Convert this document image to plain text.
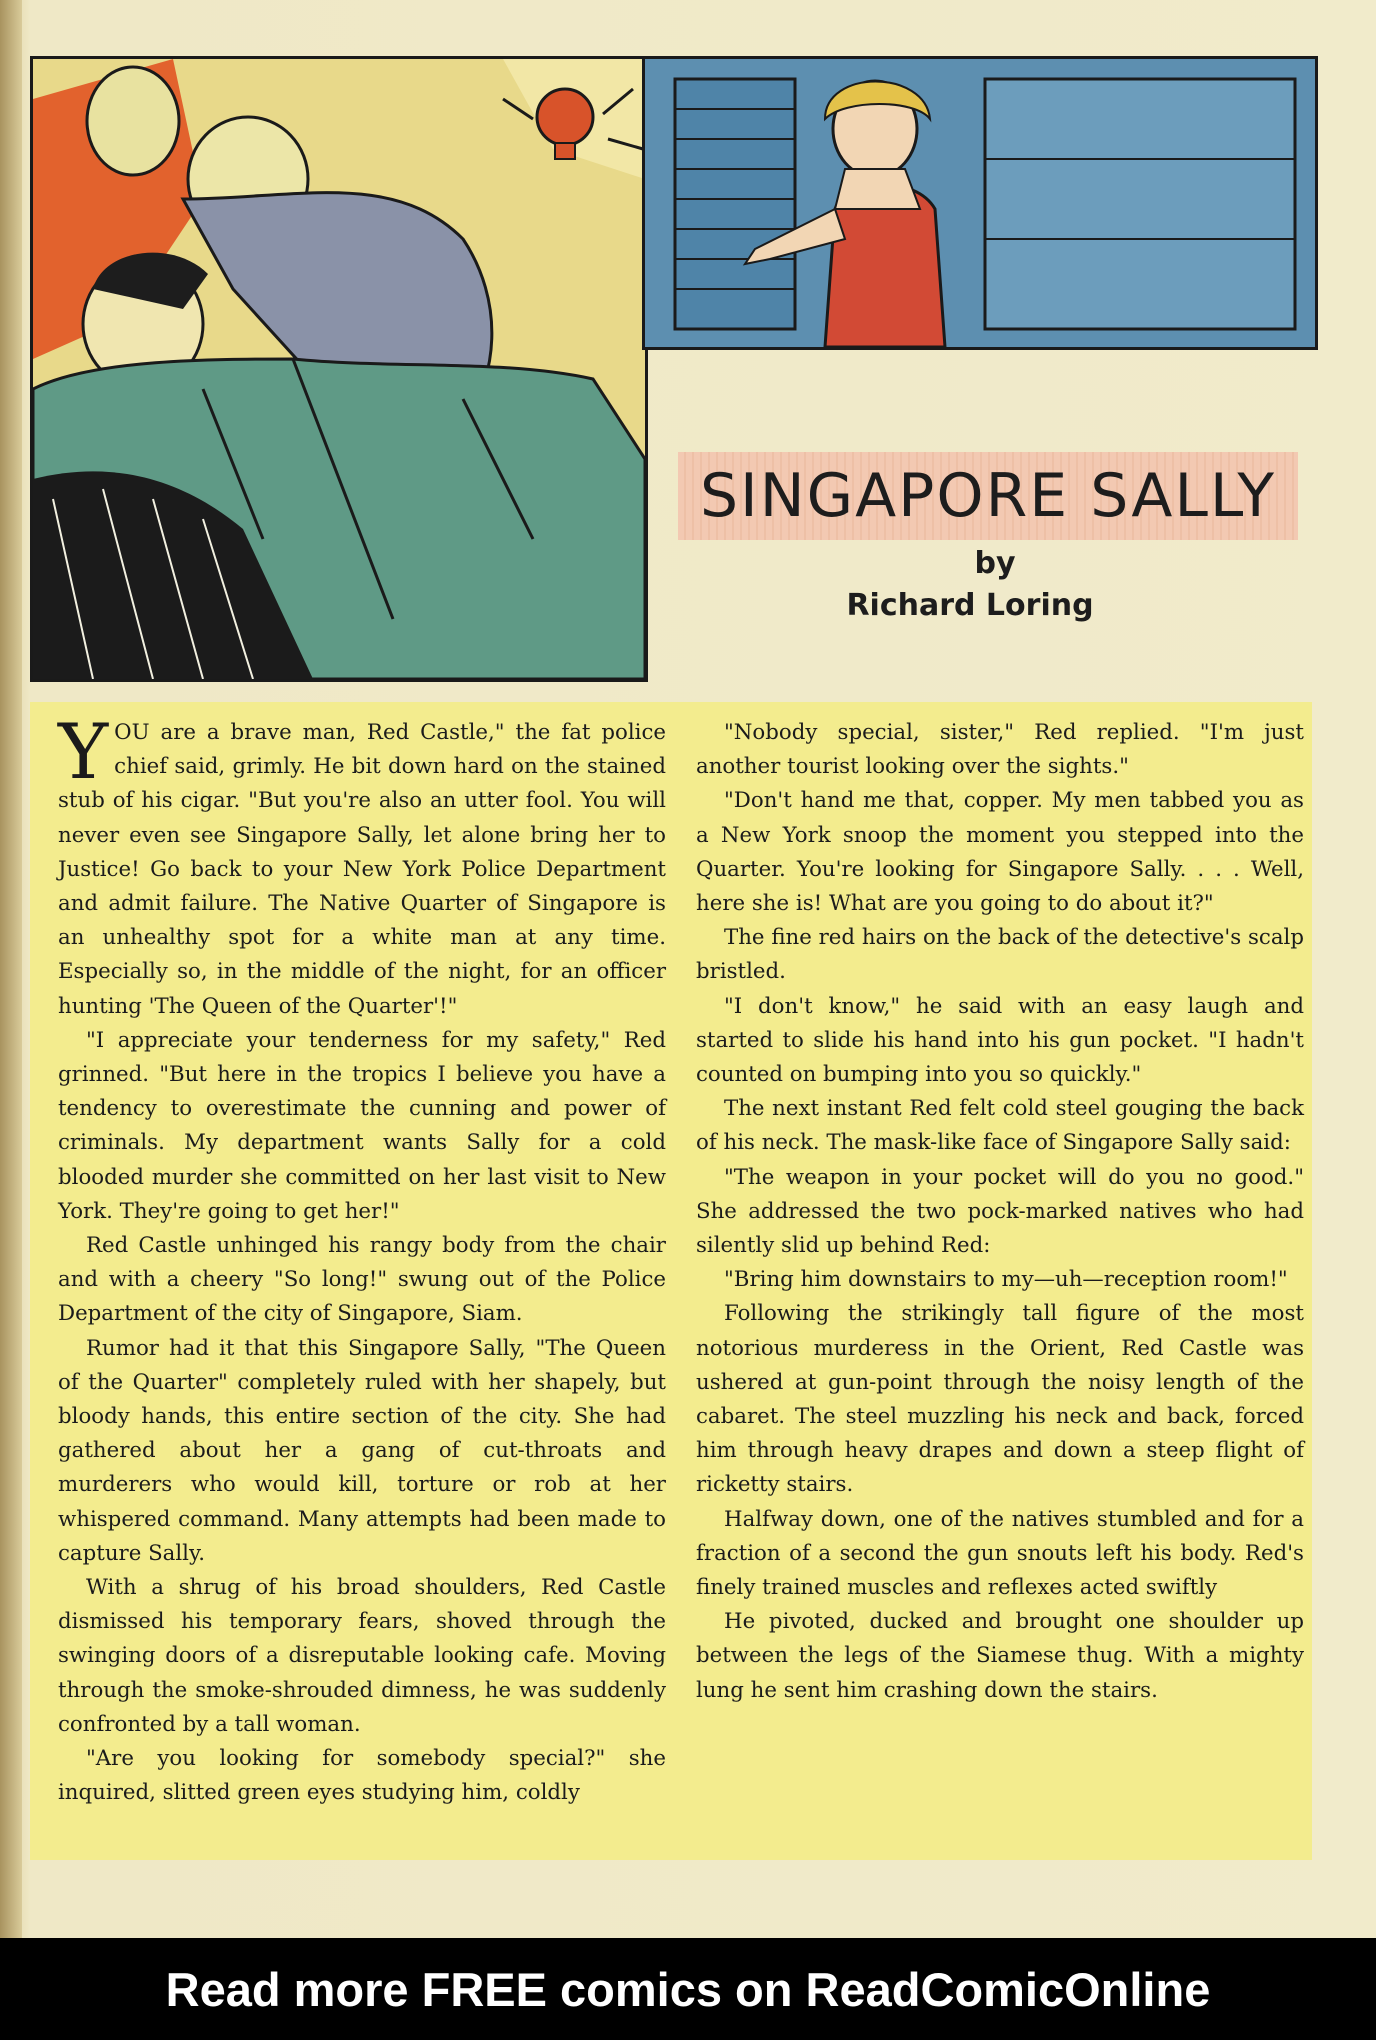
SINGAPORE SALLY
by
Richard Loring

YOU are a brave man, Red Castle," the fat police chief said, grimly. He bit down hard on the stained stub of his cigar. "But you're also an utter fool. You will never even see Singapore Sally, let alone bring her to Justice! Go back to your New York Police Department and admit failure. The Native Quarter of Singapore is an unhealthy spot for a white man at any time. Especially so, in the middle of the night, for an officer hunting 'The Queen of the Quarter'!"

"I appreciate your tenderness for my safety," Red grinned. "But here in the tropics I believe you have a tendency to overestimate the cunning and power of criminals. My department wants Sally for a cold blooded murder she committed on her last visit to New York. They're going to get her!"

Red Castle unhinged his rangy body from the chair and with a cheery "So long!" swung out of the Police Department of the city of Singapore, Siam.

Rumor had it that this Singapore Sally, "The Queen of the Quarter" completely ruled with her shapely, but bloody hands, this entire section of the city. She had gathered about her a gang of cut-throats and murderers who would kill, torture or rob at her whispered command. Many attempts had been made to capture Sally.

With a shrug of his broad shoulders, Red Castle dismissed his temporary fears, shoved through the swinging doors of a disreputable looking cafe. Moving through the smoke-shrouded dimness, he was suddenly confronted by a tall woman.

"Are you looking for somebody special?" she inquired, slitted green eyes studying him, coldly

"Nobody special, sister," Red replied. "I'm just another tourist looking over the sights."

"Don't hand me that, copper. My men tabbed you as a New York snoop the moment you stepped into the Quarter. You're looking for Singapore Sally. . . . Well, here she is! What are you going to do about it?"

The fine red hairs on the back of the detective's scalp bristled.

"I don't know," he said with an easy laugh and started to slide his hand into his gun pocket. "I hadn't counted on bumping into you so quickly."

The next instant Red felt cold steel gouging the back of his neck. The mask-like face of Singapore Sally said:

"The weapon in your pocket will do you no good." She addressed the two pock-marked natives who had silently slid up behind Red:

"Bring him downstairs to my—uh—reception room!"

Following the strikingly tall figure of the most notorious murderess in the Orient, Red Castle was ushered at gun-point through the noisy length of the cabaret. The steel muzzling his neck and back, forced him through heavy drapes and down a steep flight of ricketty stairs.

Halfway down, one of the natives stumbled and for a fraction of a second the gun snouts left his body. Red's finely trained muscles and reflexes acted swiftly

He pivoted, ducked and brought one shoulder up between the legs of the Siamese thug. With a mighty lung he sent him crashing down the stairs.

Read more FREE comics on ReadComicOnline
